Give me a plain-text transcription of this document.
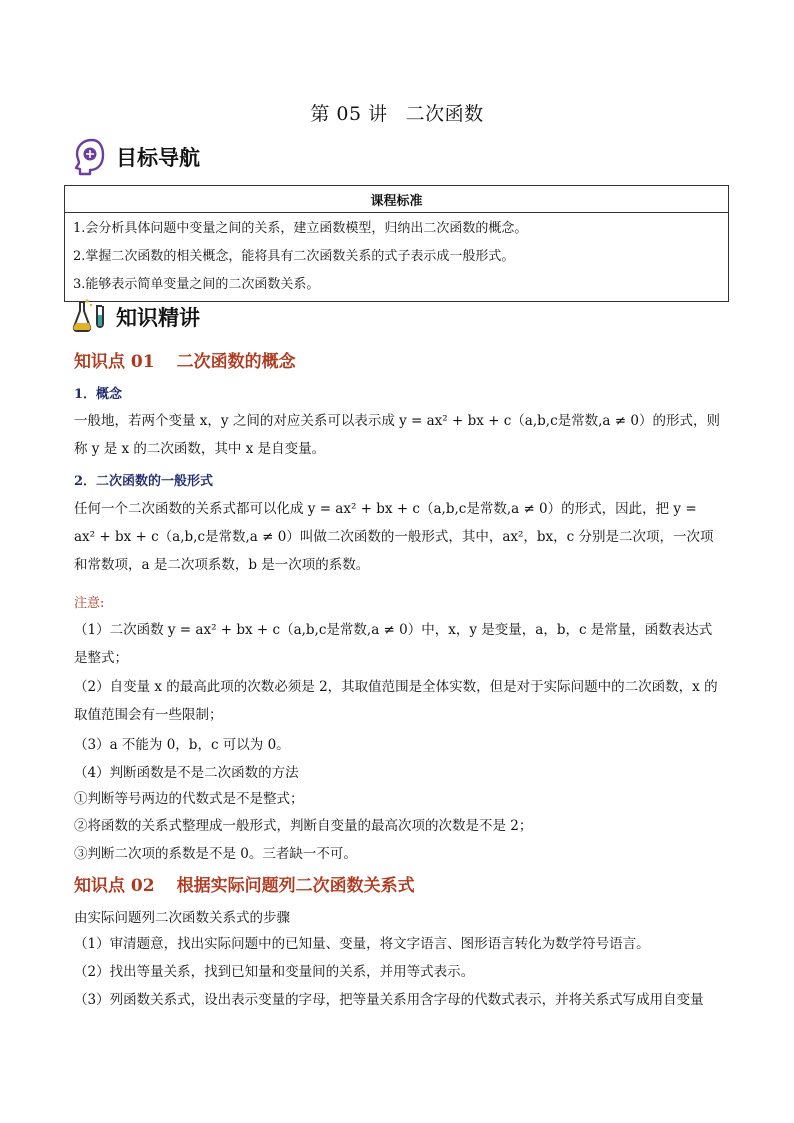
第 05 讲 二次函数
目标导航
课程标准

1.会分析具体问题中变量之间的关系，建立函数模型，归纳出二次函数的概念。
2.掌握二次函数的相关概念，能将具有二次函数关系的式子表示成一般形式。
3.能够表示简单变量之间的二次函数关系。
知识精讲
知识点 01 二次函数的概念
1．概念
一般地，若两个变量 x，y 之间的对应关系可以表示成 y = ax² + bx + c（a,b,c是常数,a ≠ 0）的形式，则称 y 是 x 的二次函数，其中 x 是自变量。
2．二次函数的一般形式
任何一个二次函数的关系式都可以化成 y = ax² + bx + c（a,b,c是常数,a ≠ 0）的形式，因此，把 y = ax² + bx + c（a,b,c是常数,a ≠ 0）叫做二次函数的一般形式，其中，ax²，bx，c 分别是二次项，一次项和常数项，a 是二次项系数，b 是一次项的系数。
注意:
（1）二次函数 y = ax² + bx + c（a,b,c是常数,a ≠ 0）中，x，y 是变量，a，b，c 是常量，函数表达式是整式；
（2）自变量 x 的最高此项的次数必须是 2，其取值范围是全体实数，但是对于实际问题中的二次函数，x 的取值范围会有一些限制；
（3）a 不能为 0，b，c 可以为 0。
（4）判断函数是不是二次函数的方法
①判断等号两边的代数式是不是整式；
②将函数的关系式整理成一般形式，判断自变量的最高次项的次数是不是 2；
③判断二次项的系数是不是 0。三者缺一不可。
知识点 02 根据实际问题列二次函数关系式
由实际问题列二次函数关系式的步骤
（1）审清题意，找出实际问题中的已知量、变量，将文字语言、图形语言转化为数学符号语言。
（2）找出等量关系，找到已知量和变量间的关系，并用等式表示。
（3）列函数关系式，设出表示变量的字母，把等量关系用含字母的代数式表示，并将关系式写成用自变量
